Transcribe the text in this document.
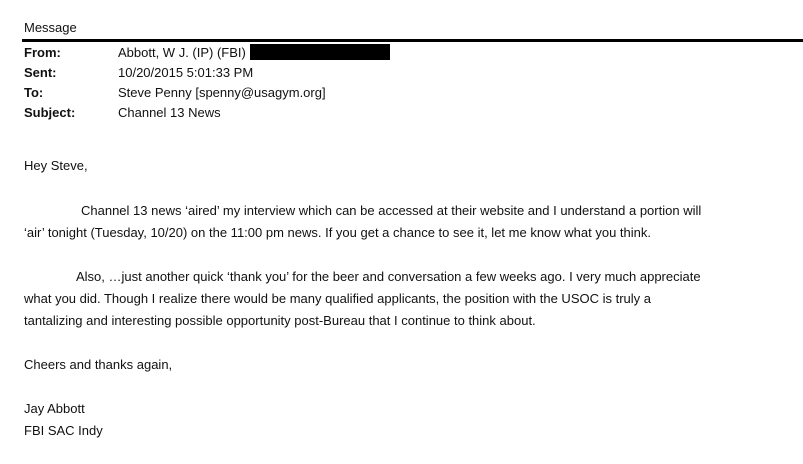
Message
From:	Abbott, W J. (IP) (FBI)
Sent:	10/20/2015 5:01:33 PM
To:	Steve Penny [spenny@usagym.org]
Subject:	Channel 13 News
Hey Steve,
Channel 13 news ‘aired’ my interview which can be accessed at their website and I understand a portion will
‘air’ tonight (Tuesday, 10/20) on the 11:00 pm news. If you get a chance to see it, let me know what you think.
Also, …just another quick ‘thank you’ for the beer and conversation a few weeks ago. I very much appreciate
what you did. Though I realize there would be many qualified applicants, the position with the USOC is truly a
tantalizing and interesting possible opportunity post-Bureau that I continue to think about.
Cheers and thanks again,
Jay Abbott
FBI SAC Indy
